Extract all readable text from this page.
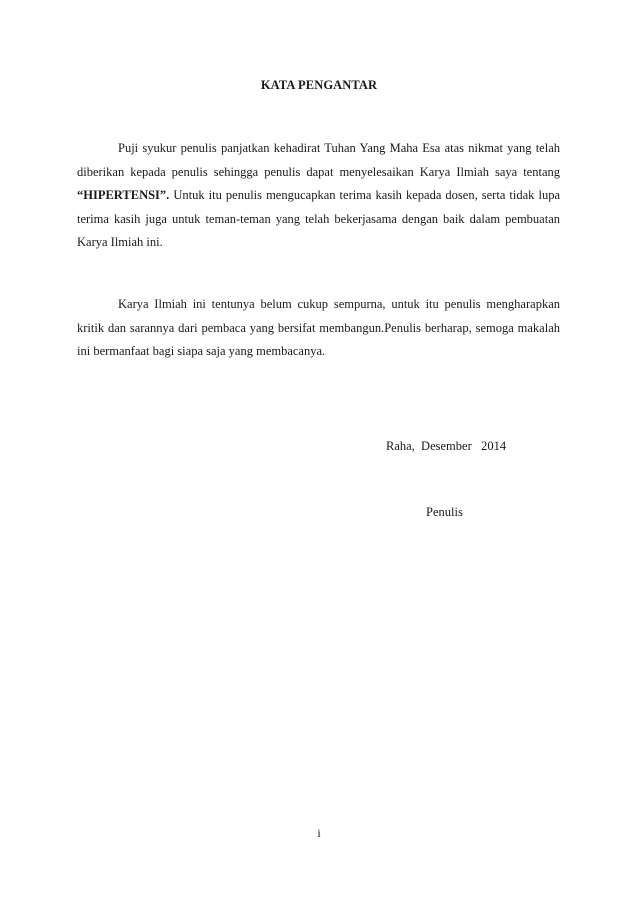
KATA PENGANTAR

Puji syukur penulis panjatkan kehadirat Tuhan Yang Maha Esa atas nikmat yang telah diberikan kepada penulis sehingga penulis dapat menyelesaikan Karya Ilmiah saya tentang “HIPERTENSI”. Untuk itu penulis mengucapkan terima kasih kepada dosen, serta tidak lupa terima kasih juga untuk teman-teman yang telah bekerjasama dengan baik dalam pembuatan Karya Ilmiah ini.

Karya Ilmiah ini tentunya belum cukup sempurna, untuk itu penulis mengharapkan kritik dan sarannya dari pembaca yang bersifat membangun.Penulis berharap, semoga makalah ini bermanfaat bagi siapa saja yang membacanya.

Raha,  Desember   2014
Penulis
i
